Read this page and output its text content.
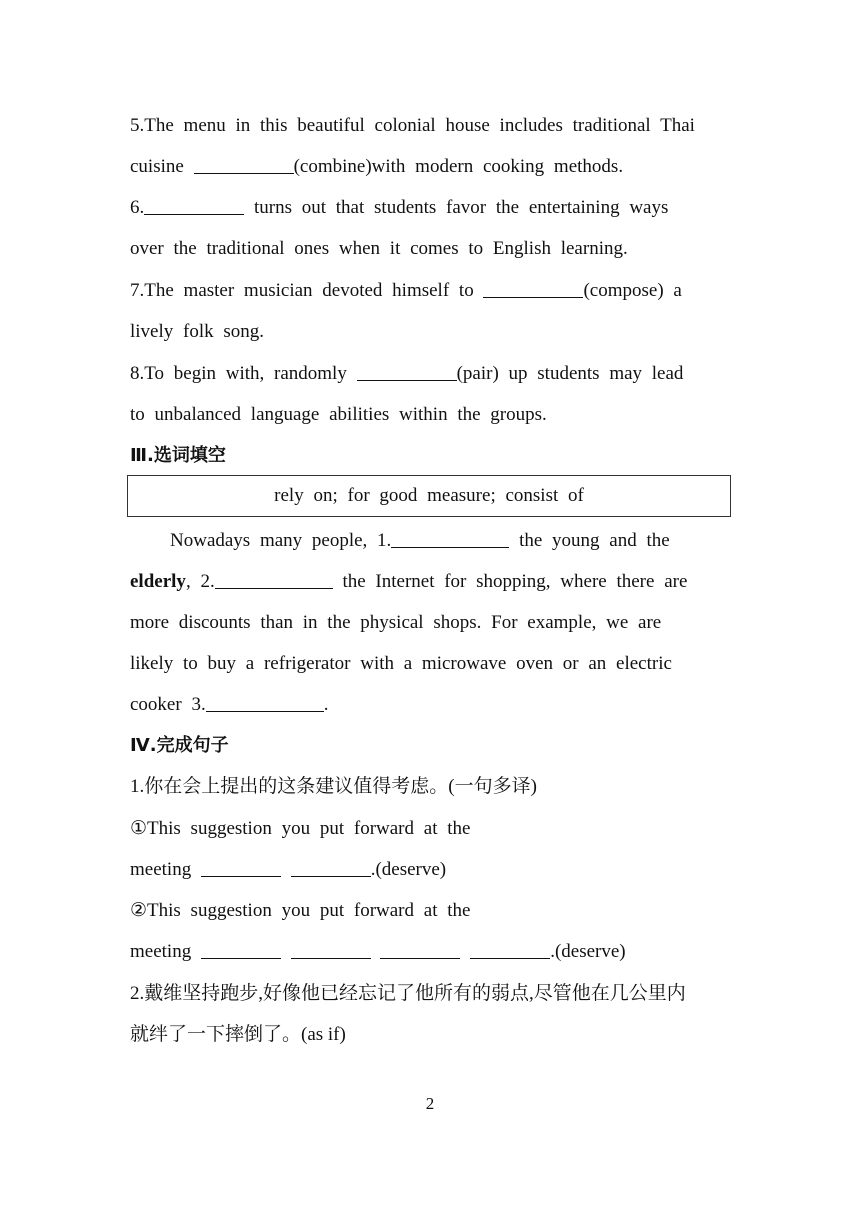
5.The menu in this beautiful colonial house includes traditional Thai
cuisine	(combine)with modern cooking methods.
6.	turns out that students favor the entertaining ways
over the traditional ones when it comes to English learning.
7.The master musician devoted himself to	(compose) a
lively folk song.
8.To begin with, randomly	(pair) up students may lead
to unbalanced language abilities within the groups.
Ⅲ.选词填空
rely on; for good measure; consist of
Nowadays many people, 1.	the young and the
elderly, 2.	the Internet for shopping, where there are
more discounts than in the physical shops. For example, we are
likely to buy a refrigerator with a microwave oven or an electric
cooker 3.	.
Ⅳ.完成句子
1.你在会上提出的这条建议值得考虑。(一句多译)
①This suggestion you put forward at the
meeting	.(deserve)
②This suggestion you put forward at the
meeting	.(deserve)
2.戴维坚持跑步,好像他已经忘记了他所有的弱点,尽管他在几公里内
就绊了一下摔倒了。(as if)
2
